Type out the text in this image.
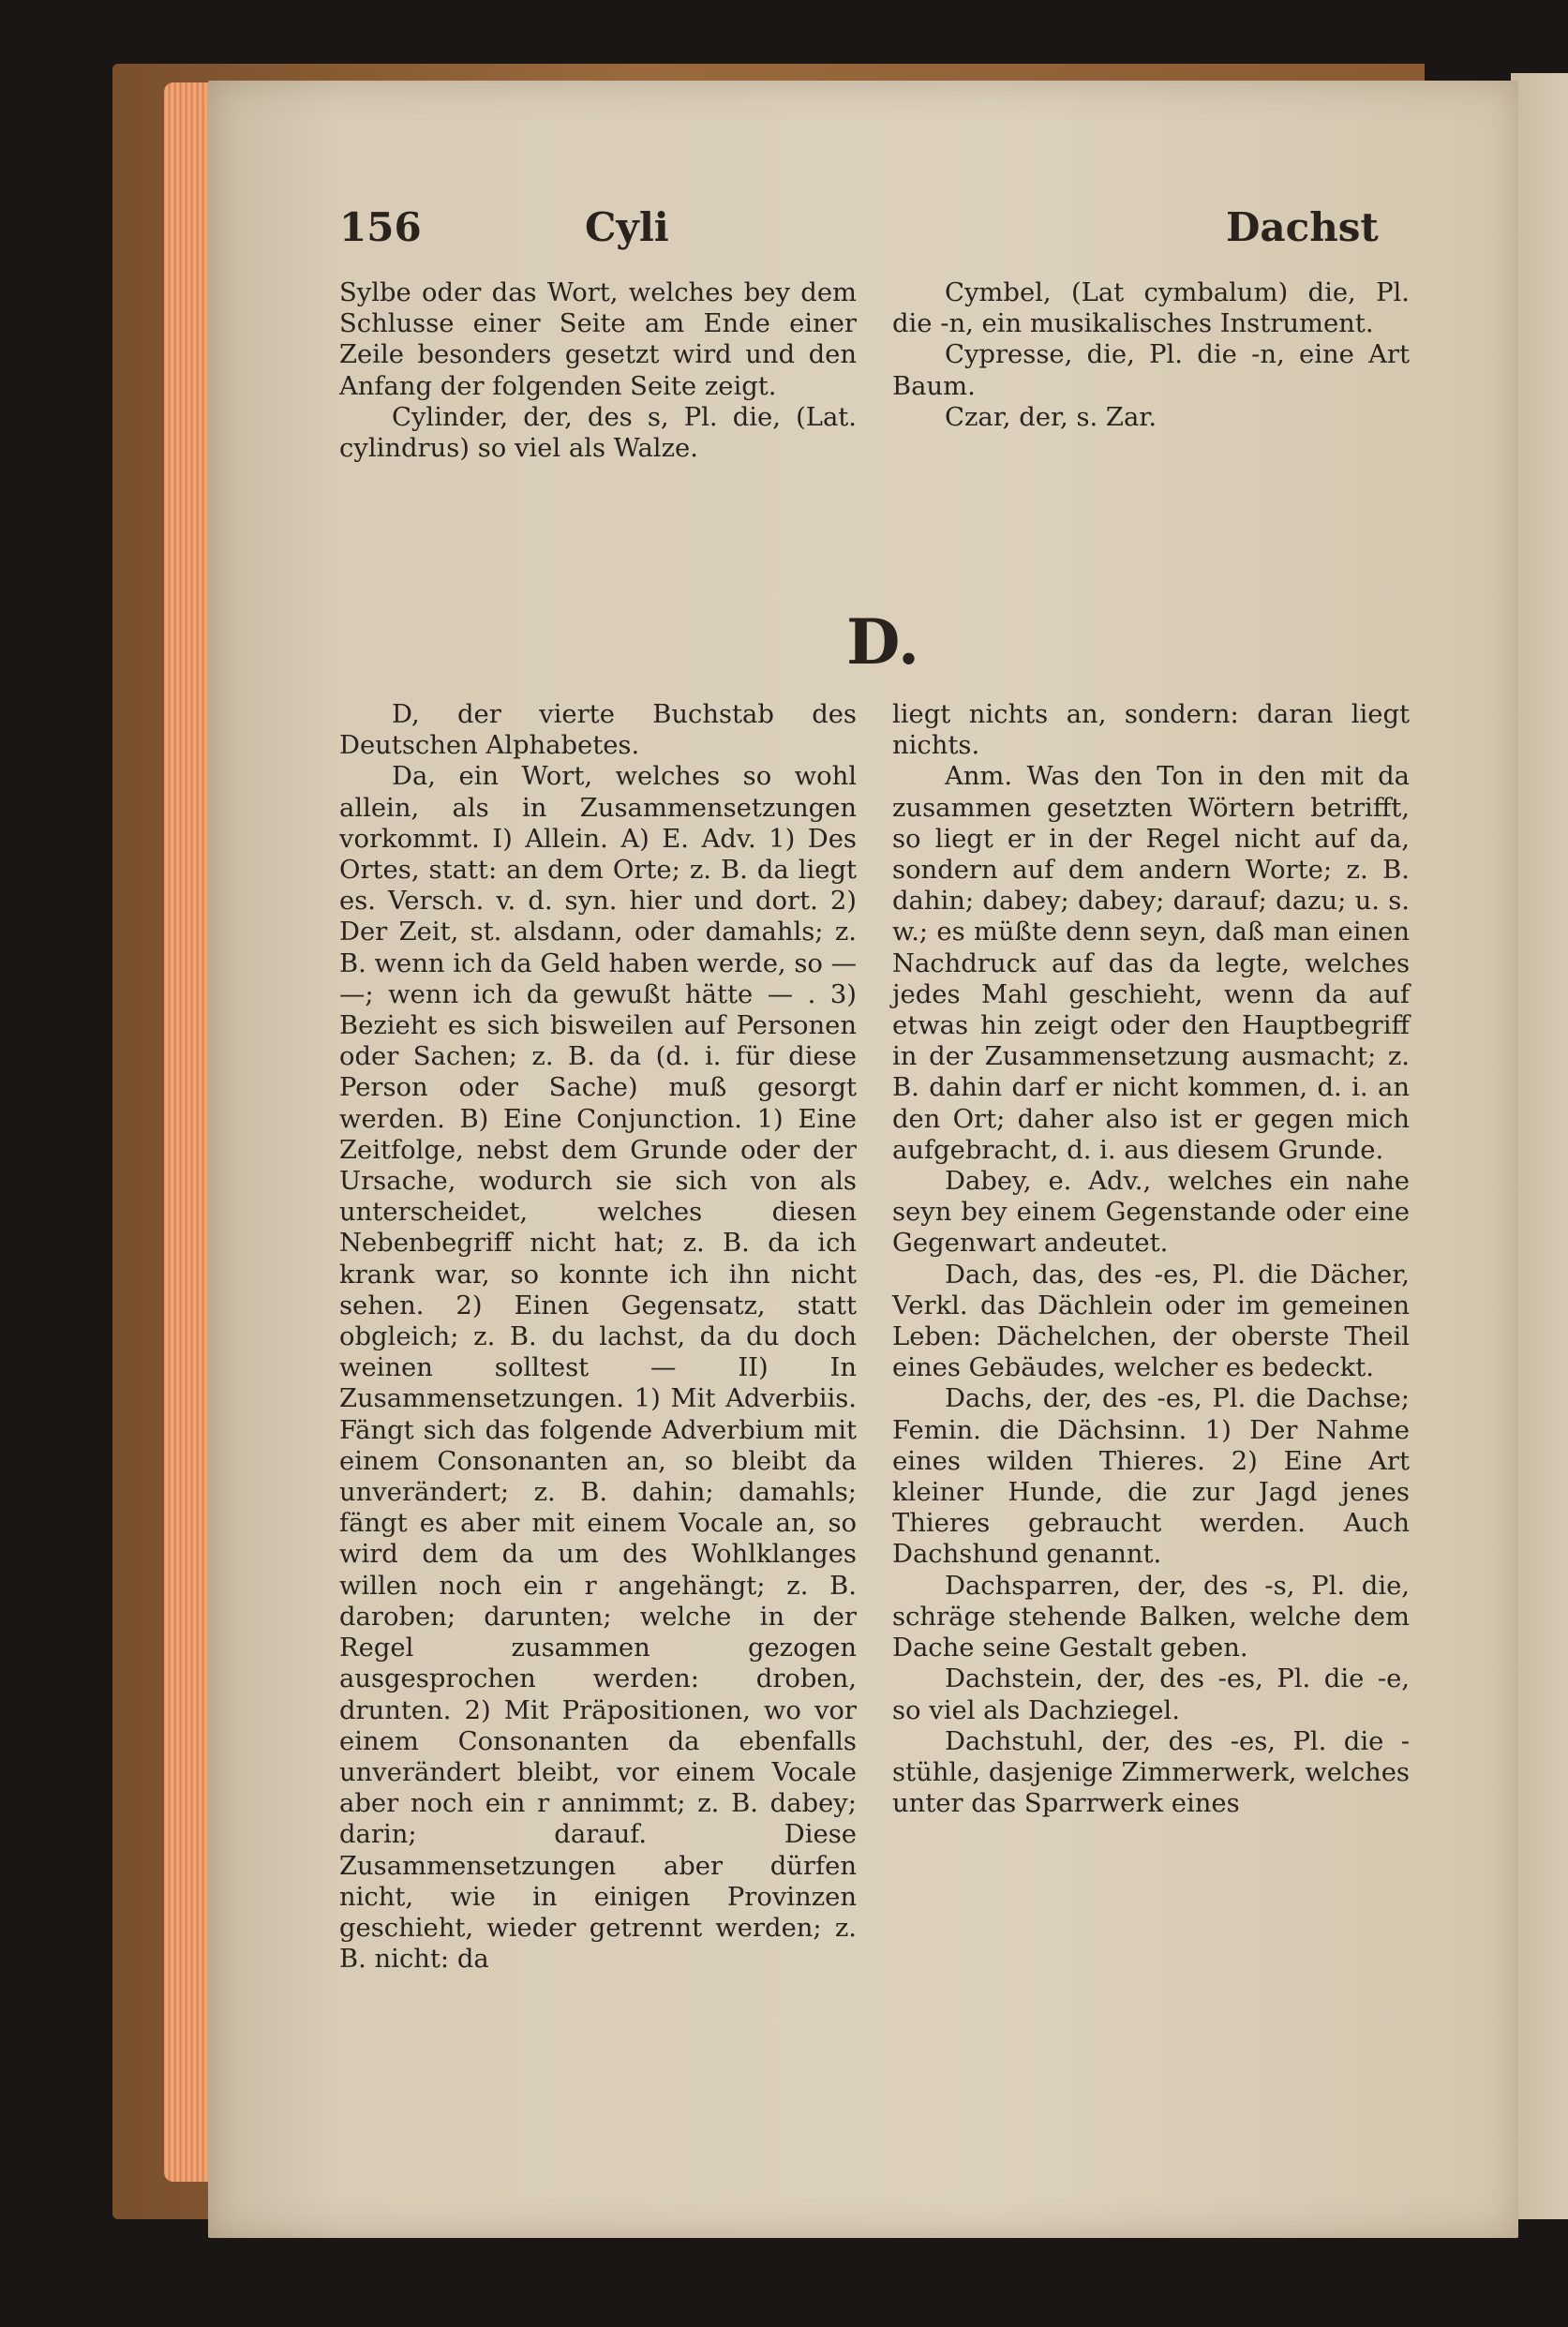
156	Cyli	Dachst

Sylbe oder das Wort, welches bey dem Schlusse einer Seite am Ende einer Zeile besonders gesetzt wird und den Anfang der folgenden Seite zeigt.

Cylinder, der, des s, Pl. die, (Lat. cylindrus) so viel als Walze.

Cymbel, (Lat cymbalum) die, Pl. die -n, ein musikalisches Instrument.

Cypresse, die, Pl. die -n, eine Art Baum.

Czar, der, s. Zar.

D.

D, der vierte Buchstab des Deutschen Alphabetes.

Da, ein Wort, welches so wohl allein, als in Zusammensetzungen vorkommt. I) Allein. A) E. Adv. 1) Des Ortes, statt: an dem Orte; z. B. da liegt es. Versch. v. d. syn. hier und dort. 2) Der Zeit, st. alsdann, oder damahls; z. B. wenn ich da Geld haben werde, so — —; wenn ich da gewußt hätte — . 3) Bezieht es sich bisweilen auf Personen oder Sachen; z. B. da (d. i. für diese Person oder Sache) muß gesorgt werden. B) Eine Conjunction. 1) Eine Zeitfolge, nebst dem Grunde oder der Ursache, wodurch sie sich von als unterscheidet, welches diesen Nebenbegriff nicht hat; z. B. da ich krank war, so konnte ich ihn nicht sehen. 2) Einen Gegensatz, statt obgleich; z. B. du lachst, da du doch weinen solltest — II) In Zusammensetzungen. 1) Mit Adverbiis. Fängt sich das folgende Adverbium mit einem Consonanten an, so bleibt da unverändert; z. B. dahin; damahls; fängt es aber mit einem Vocale an, so wird dem da um des Wohlklanges willen noch ein r angehängt; z. B. daroben; darunten; welche in der Regel zusammen gezogen ausgesprochen werden: droben, drunten. 2) Mit Präpositionen, wo vor einem Consonanten da ebenfalls unverändert bleibt, vor einem Vocale aber noch ein r annimmt; z. B. dabey; darin; darauf. Diese Zusammensetzungen aber dürfen nicht, wie in einigen Provinzen geschieht, wieder getrennt werden; z. B. nicht: da

liegt nichts an, sondern: daran liegt nichts.

Anm. Was den Ton in den mit da zusammen gesetzten Wörtern betrifft, so liegt er in der Regel nicht auf da, sondern auf dem andern Worte; z. B. dahin; dabey; dabey; darauf; dazu; u. s. w.; es müßte denn seyn, daß man einen Nachdruck auf das da legte, welches jedes Mahl geschieht, wenn da auf etwas hin zeigt oder den Hauptbegriff in der Zusammensetzung ausmacht; z. B. dahin darf er nicht kommen, d. i. an den Ort; daher also ist er gegen mich aufgebracht, d. i. aus diesem Grunde.

Dabey, e. Adv., welches ein nahe seyn bey einem Gegenstande oder eine Gegenwart andeutet.

Dach, das, des -es, Pl. die Dächer, Verkl. das Dächlein oder im gemeinen Leben: Dächelchen, der oberste Theil eines Gebäudes, welcher es bedeckt.

Dachs, der, des -es, Pl. die Dachse; Femin. die Dächsinn. 1) Der Nahme eines wilden Thieres. 2) Eine Art kleiner Hunde, die zur Jagd jenes Thieres gebraucht werden. Auch Dachshund genannt.

Dachsparren, der, des -s, Pl. die, schräge stehende Balken, welche dem Dache seine Gestalt geben.

Dachstein, der, des -es, Pl. die -e, so viel als Dachziegel.

Dachstuhl, der, des -es, Pl. die -stühle, dasjenige Zimmerwerk, welches unter das Sparrwerk eines
